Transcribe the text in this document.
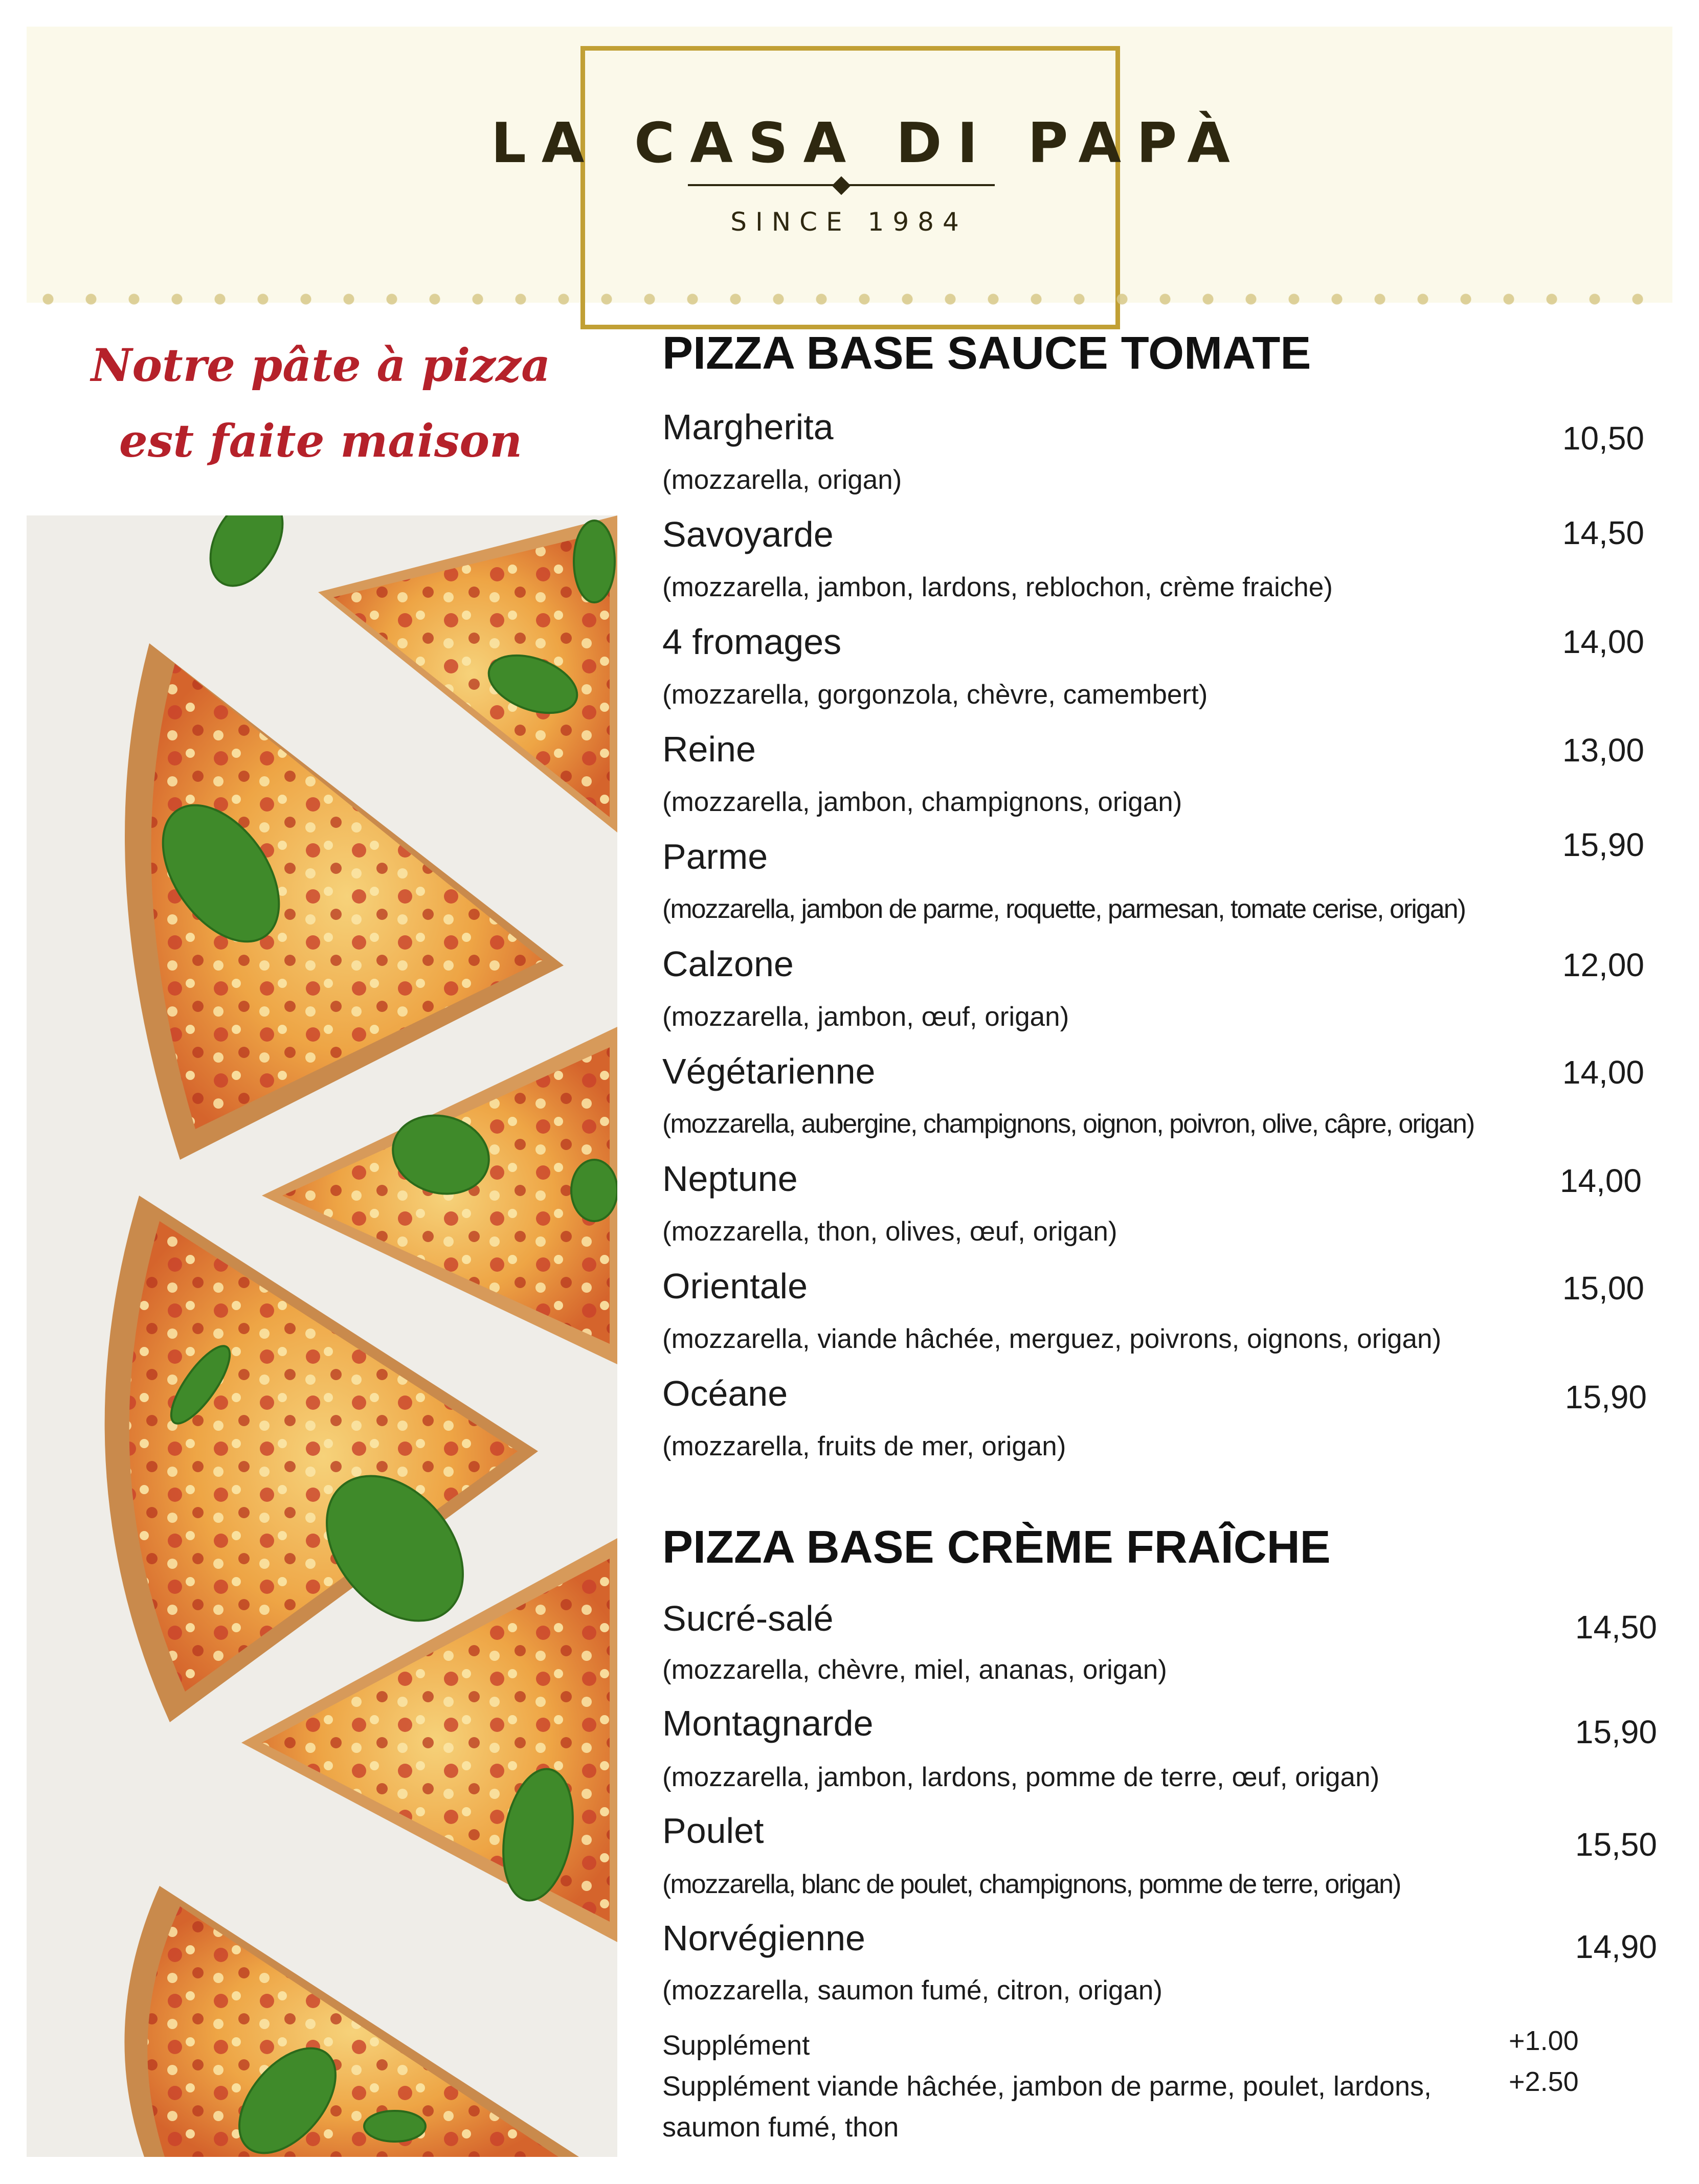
LA CASA DI PAPÀ
SINCE 1984
Notre pâte à pizza
est faite maison
PIZZA BASE SAUCE TOMATE
Margherita	10,50
(mozzarella, origan)
Savoyarde	14,50
(mozzarella, jambon, lardons, reblochon, crème fraiche)
4 fromages	14,00
(mozzarella, gorgonzola, chèvre, camembert)
Reine	13,00
(mozzarella, jambon, champignons, origan)
Parme	15,90
(mozzarella, jambon de parme, roquette, parmesan, tomate cerise, origan)
Calzone	12,00
(mozzarella, jambon, œuf, origan)
Végétarienne	14,00
(mozzarella, aubergine, champignons, oignon, poivron, olive, câpre, origan)
Neptune	14,00
(mozzarella, thon, olives, œuf, origan)
Orientale	15,00
(mozzarella, viande hâchée, merguez, poivrons, oignons, origan)
Océane	15,90
(mozzarella, fruits de mer, origan)
PIZZA BASE CRÈME FRAÎCHE
Sucré-salé	14,50
(mozzarella, chèvre, miel, ananas, origan)
Montagnarde	15,90
(mozzarella, jambon, lardons, pomme de terre, œuf, origan)
Poulet	15,50
(mozzarella, blanc de poulet, champignons, pomme de terre, origan)
Norvégienne	14,90
(mozzarella, saumon fumé, citron, origan)
Supplément	+1.00
Supplément viande hâchée, jambon de parme, poulet, lardons, saumon fumé, thon
+2.50
